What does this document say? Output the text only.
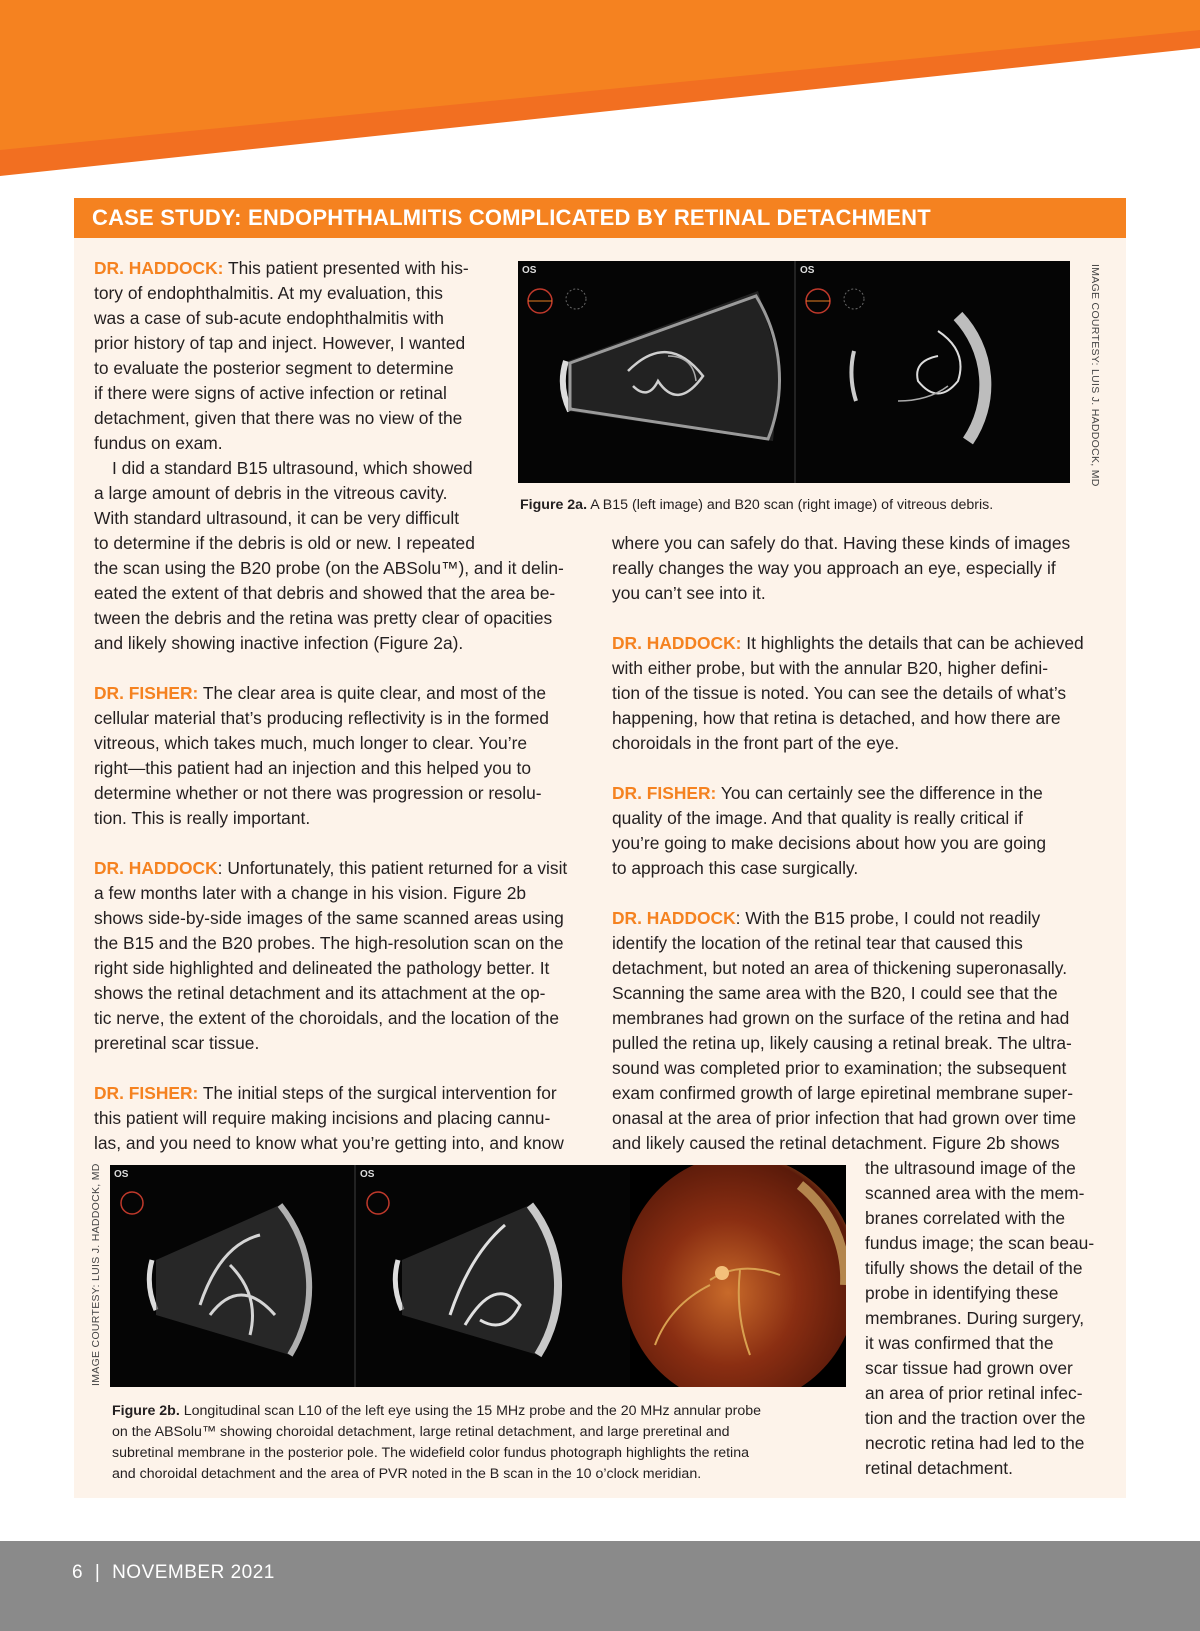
CASE STUDY: ENDOPHTHALMITIS COMPLICATED BY RETINAL DETACHMENT

DR. HADDOCK: This patient presented with his-

tory of endophthalmitis. At my evaluation, this

was a case of sub-acute endophthalmitis with

prior history of tap and inject. However, I wanted

to evaluate the posterior segment to determine

if there were signs of active infection or retinal

detachment, given that there was no view of the

fundus on exam.

I did a standard B15 ultrasound, which showed

a large amount of debris in the vitreous cavity.

With standard ultrasound, it can be very difficult

to determine if the debris is old or new. I repeated

the scan using the B20 probe (on the ABSolu™), and it delin-

eated the extent of that debris and showed that the area be-

tween the debris and the retina was pretty clear of opacities

and likely showing inactive infection (Figure 2a).

DR. FISHER: The clear area is quite clear, and most of the

cellular material that’s producing reflectivity is in the formed

vitreous, which takes much, much longer to clear. You’re

right—this patient had an injection and this helped you to

determine whether or not there was progression or resolu-

tion. This is really important.

DR. HADDOCK: Unfortunately, this patient returned for a visit

a few months later with a change in his vision. Figure 2b

shows side-by-side images of the same scanned areas using

the B15 and the B20 probes. The high-resolution scan on the

right side highlighted and delineated the pathology better. It

shows the retinal detachment and its attachment at the op-

tic nerve, the extent of the choroidals, and the location of the

preretinal scar tissue.

DR. FISHER: The initial steps of the surgical intervention for

this patient will require making incisions and placing cannu-

las, and you need to know what you’re getting into, and know

where you can safely do that. Having these kinds of images

really changes the way you approach an eye, especially if

you can’t see into it.

DR. HADDOCK: It highlights the details that can be achieved

with either probe, but with the annular B20, higher defini-

tion of the tissue is noted. You can see the details of what’s

happening, how that retina is detached, and how there are

choroidals in the front part of the eye.

DR. FISHER: You can certainly see the difference in the

quality of the image. And that quality is really critical if

you’re going to make decisions about how you are going

to approach this case surgically.

DR. HADDOCK: With the B15 probe, I could not readily

identify the location of the retinal tear that caused this

detachment, but noted an area of thickening superonasally.

Scanning the same area with the B20, I could see that the

membranes had grown on the surface of the retina and had

pulled the retina up, likely causing a retinal break. The ultra-

sound was completed prior to examination; the subsequent

exam confirmed growth of large epiretinal membrane super-

onasal at the area of prior infection that had grown over time

and likely caused the retinal detachment. Figure 2b shows

the ultrasound image of the

scanned area with the mem-

branes correlated with the

fundus image; the scan beau-

tifully shows the detail of the

probe in identifying these

membranes. During surgery,

it was confirmed that the

scar tissue had grown over

an area of prior retinal infec-

tion and the traction over the

necrotic retina had led to the

retinal detachment.

OS	OS
Figure 2a. A B15 (left image) and B20 scan (right image) of vitreous debris.
IMAGE COURTESY: LUIS J. HADDOCK, MD
OS	OS
IMAGE COURTESY: LUIS J. HADDOCK, MD
Figure 2b. Longitudinal scan L10 of the left eye using the 15 MHz probe and the 20 MHz annular probe
on the ABSolu™ showing choroidal detachment, large retinal detachment, and large preretinal and
subretinal membrane in the posterior pole. The widefield color fundus photograph highlights the retina
and choroidal detachment and the area of PVR noted in the B scan in the 10 o’clock meridian.
6 | NOVEMBER 2021
